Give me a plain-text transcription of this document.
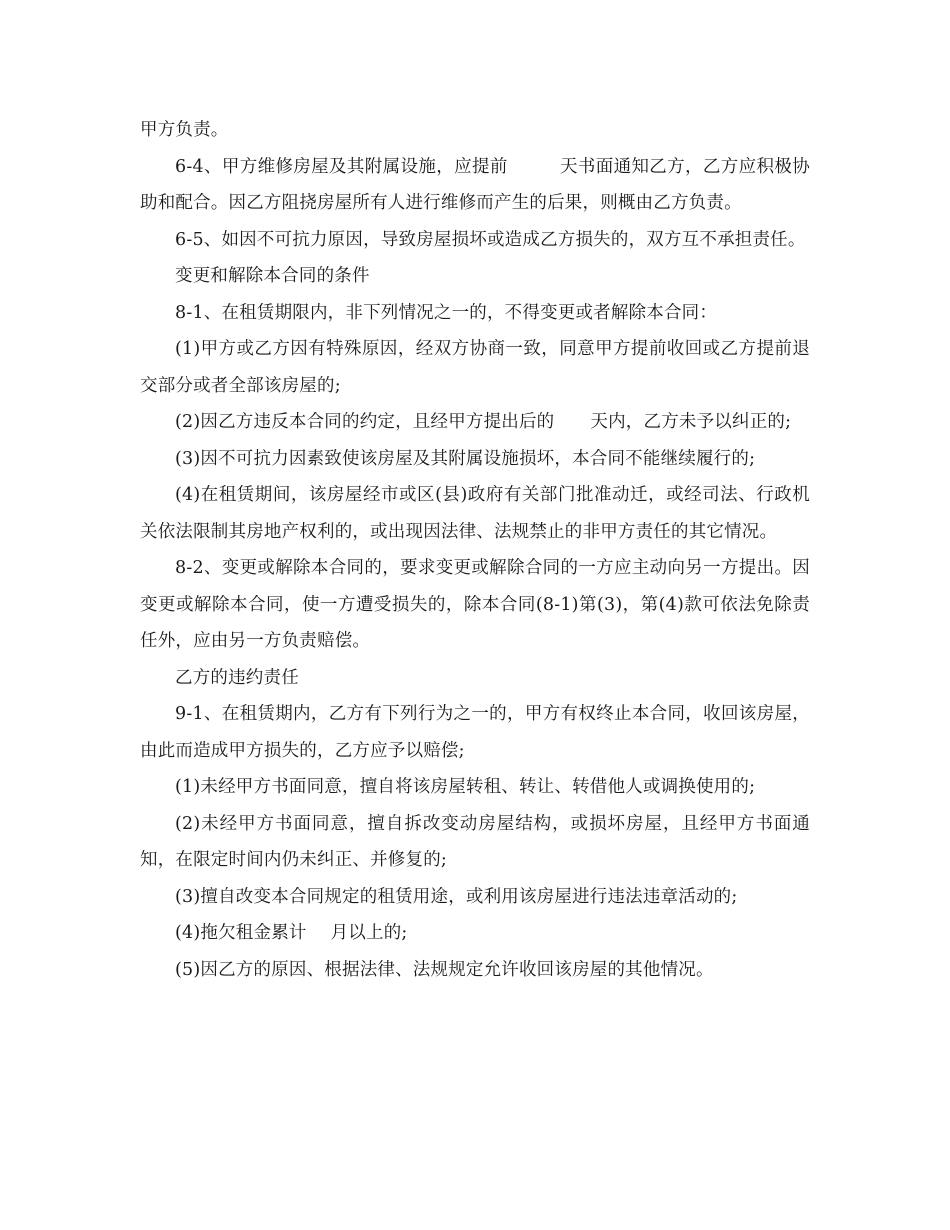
甲方负责。

6-4、甲方维修房屋及其附属设施，应提前	天书面通知乙方，乙方应积极协助和配合。因乙方阻挠房屋所有人进行维修而产生的后果，则概由乙方负责。

6-5、如因不可抗力原因，导致房屋损坏或造成乙方损失的，双方互不承担责任。

变更和解除本合同的条件

8-1、在租赁期限内，非下列情况之一的，不得变更或者解除本合同：

(1)甲方或乙方因有特殊原因，经双方协商一致，同意甲方提前收回或乙方提前退交部分或者全部该房屋的;

(2)因乙方违反本合同的约定，且经甲方提出后的 天内，乙方未予以纠正的;

(3)因不可抗力因素致使该房屋及其附属设施损坏，本合同不能继续履行的;

(4)在租赁期间，该房屋经市或区(县)政府有关部门批准动迁，或经司法、行政机关依法限制其房地产权利的，或出现因法律、法规禁止的非甲方责任的其它情况。

8-2、变更或解除本合同的，要求变更或解除合同的一方应主动向另一方提出。因变更或解除本合同，使一方遭受损失的，除本合同(8-1)第(3)，第(4)款可依法免除责任外，应由另一方负责赔偿。

乙方的违约责任

9-1、在租赁期内，乙方有下列行为之一的，甲方有权终止本合同，收回该房屋，由此而造成甲方损失的，乙方应予以赔偿;

(1)未经甲方书面同意，擅自将该房屋转租、转让、转借他人或调换使用的;

(2)未经甲方书面同意，擅自拆改变动房屋结构，或损坏房屋，且经甲方书面通知，在限定时间内仍未纠正、并修复的;

(3)擅自改变本合同规定的租赁用途，或利用该房屋进行违法违章活动的;

(4)拖欠租金累计 月以上的;

(5)因乙方的原因、根据法律、法规规定允许收回该房屋的其他情况。
